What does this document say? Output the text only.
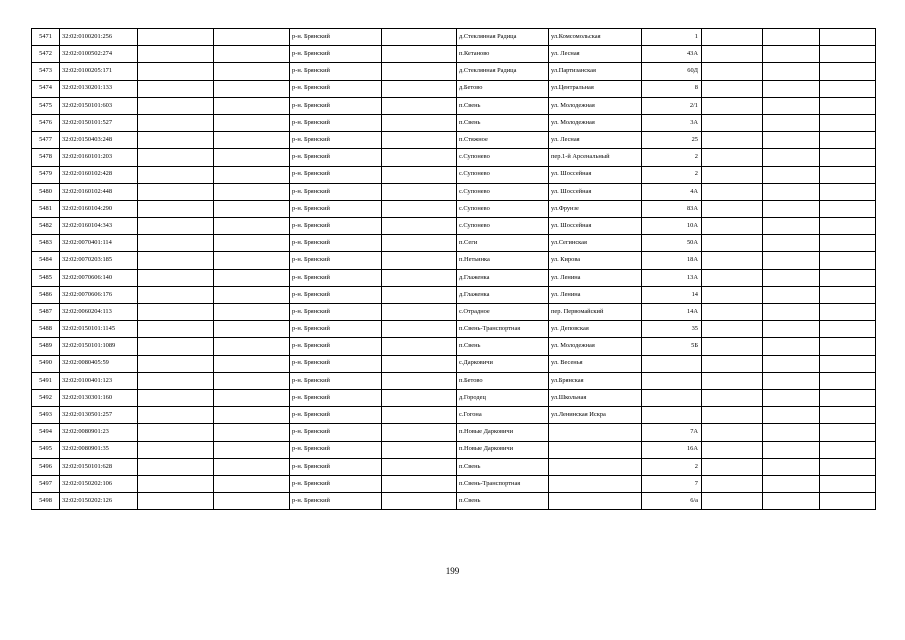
5471	32:02:0100201:256			р-н. Брянский		д.Стеклянная Радица	ул.Комсомольская	1			
5472	32:02:0100502:274			р-н. Брянский		п.Кетаново	ул. Лесная	43А			
5473	32:02:0100205:171			р-н. Брянский		д.Стеклянная Радица	ул.Партизанская	60Д			
5474	32:02:0130201:133			р-н. Брянский		д.Бетово	ул.Центральная	8			
5475	32:02:0150101:603			р-н. Брянский		п.Свень	ул. Молодежная	2/1			
5476	32:02:0150101:527			р-н. Брянский		п.Свень	ул. Молодежная	3А			
5477	32:02:0150403:248			р-н. Брянский		п.Стяжное	ул. Лесная	25			
5478	32:02:0160101:203			р-н. Брянский		с.Супонево	пер.1-й Арсенальный	2			
5479	32:02:0160102:428			р-н. Брянский		с.Супонево	ул. Шоссейная	2			
5480	32:02:0160102:448			р-н. Брянский		с.Супонево	ул. Шоссейная	4А			
5481	32:02:0160104:290			р-н. Брянский		с.Супонево	ул.Фрунзе	83А			
5482	32:02:0160104:343			р-н. Брянский		с.Супонево	ул. Шоссейная	10А			
5483	32:02:0070401:114			р-н. Брянский		п.Сеги	ул.Сегинская	50А			
5484	32:02:0070203:185			р-н. Брянский		п.Нетьинка	ул. Кирова	18А			
5485	32:02:0070606:140			р-н. Брянский		д.Глаженка	ул. Ленина	13А			
5486	32:02:0070606:176			р-н. Брянский		д.Глаженка	ул. Ленина	14			
5487	32:02:0060204:113			р-н. Брянский		с.Отрадное	пер. Первомайский	14А			
5488	32:02:0150101:1145			р-н. Брянский		п.Свень-Транспортная	ул. Деповская	35			
5489	32:02:0150101:1089			р-н. Брянский		п.Свень	ул. Молодежная	5Б			
5490	32:02:0080405:59			р-н. Брянский		с.Дарковичи	ул. Весенья				
5491	32:02:0100401:123			р-н. Брянский		п.Бетово	ул.Брянская				
5492	32:02:0130301:160			р-н. Брянский		д.Городец	ул.Школьная				
5493	32:02:0130501:257			р-н. Брянский		с.Гогона	ул.Ленинская Искра				
5494	32:02:0080901:23			р-н. Брянский		п.Новые Дарковичи		7А			
5495	32:02:0080901:35			р-н. Брянский		п.Новые Дарковичи		16А			
5496	32:02:0150101:628			р-н. Брянский		п.Свень		2			
5497	32:02:0150202:106			р-н. Брянский		п.Свень-Транспортная		7			
5498	32:02:0150202:126			р-н. Брянский		п.Свень		6/а			
199
